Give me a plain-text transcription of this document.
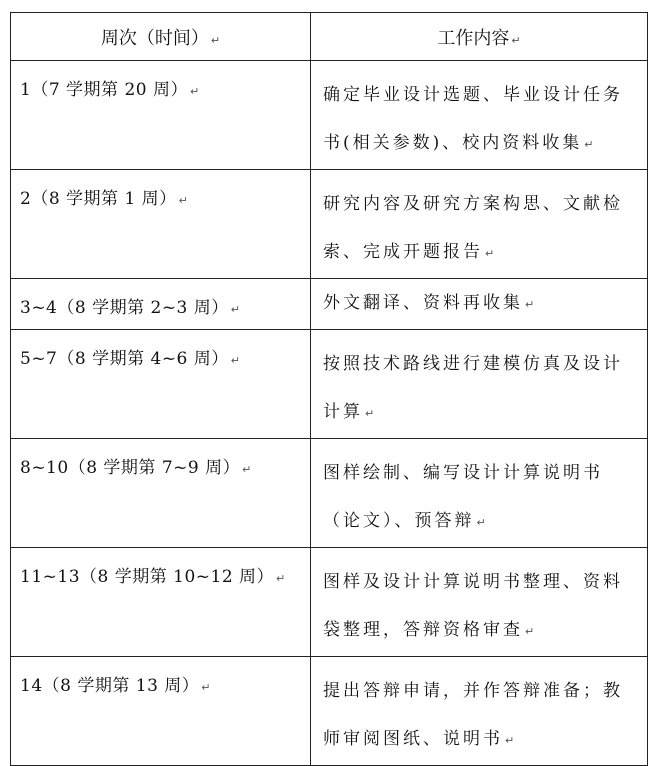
周次（时间） ↵	工作内容 ↵
1（7 学期第 20 周） ↵	确定毕业设计选题、毕业设计任务书(相关参数)、校内资料收集 ↵
2（8 学期第 1 周） ↵	研究内容及研究方案构思、文献检索、完成开题报告 ↵
3~4（8 学期第 2~3 周） ↵	外文翻译、资料再收集 ↵
5~7（8 学期第 4~6 周） ↵	按照技术路线进行建模仿真及设计计算 ↵
8~10（8 学期第 7~9 周） ↵	图样绘制、编写设计计算说明书（论文）、预答辩 ↵
11~13（8 学期第 10~12 周） ↵	图样及设计计算说明书整理、资料袋整理，答辩资格审查 ↵
14（8 学期第 13 周） ↵	提出答辩申请，并作答辩准备；教师审阅图纸、说明书 ↵
